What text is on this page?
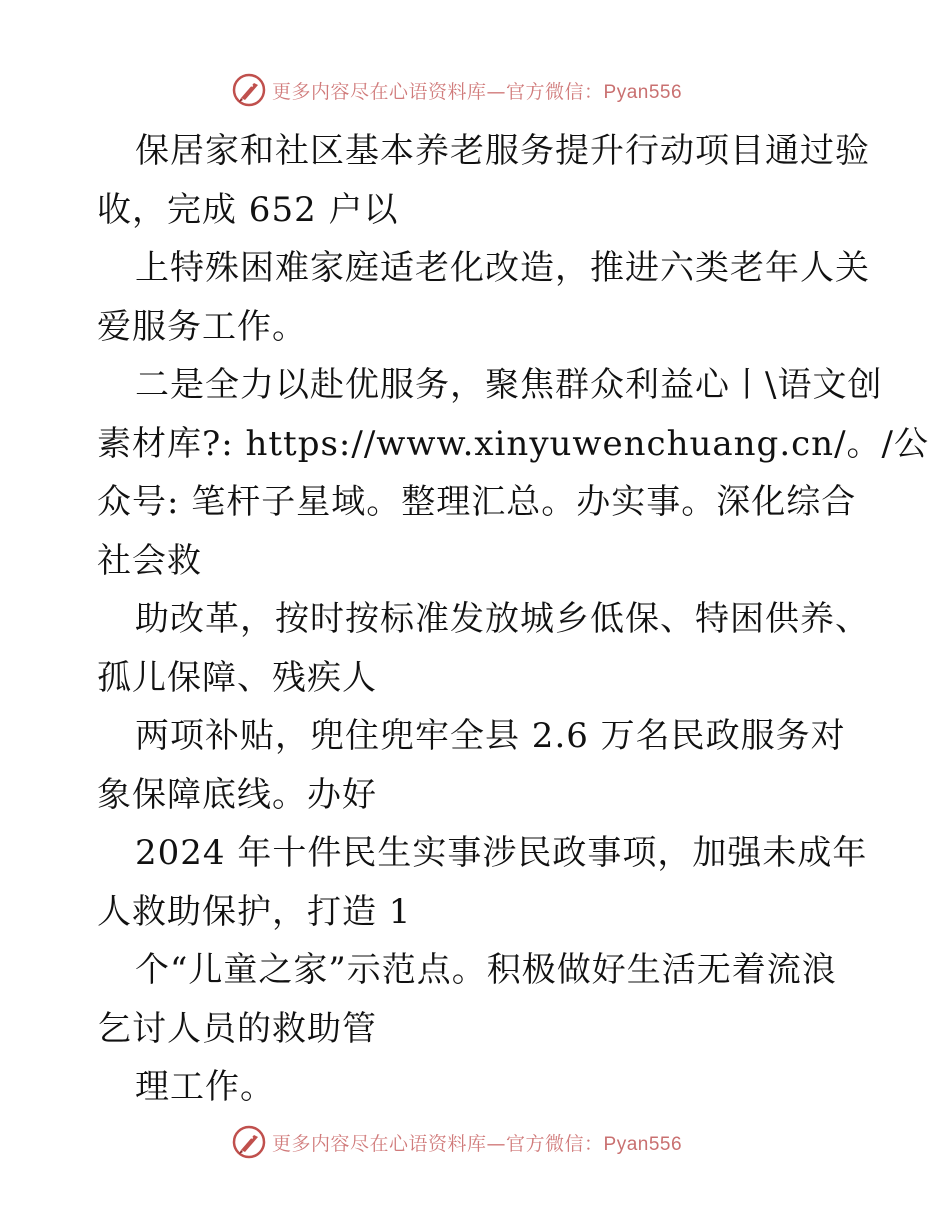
更多内容尽在心语资料库—官方微信：Pyan556
保居家和社区基本养老服务提升行动项目通过验
收，完成 652 户以
上特殊困难家庭适老化改造，推进六类老年人关
爱服务工作。
二是全力以赴优服务，聚焦群众利益心丨\语文创
素材库?: https://www.xinyuwenchuang.cn/。/公
众号: 笔杆子星域。整理汇总。办实事。深化综合
社会救
助改革，按时按标准发放城乡低保、特困供养、
孤儿保障、残疾人
两项补贴，兜住兜牢全县 2.6 万名民政服务对
象保障底线。办好
2024 年十件民生实事涉民政事项，加强未成年
人救助保护，打造 1
个“儿童之家”示范点。积极做好生活无着流浪
乞讨人员的救助管
理工作。
更多内容尽在心语资料库—官方微信：Pyan556
